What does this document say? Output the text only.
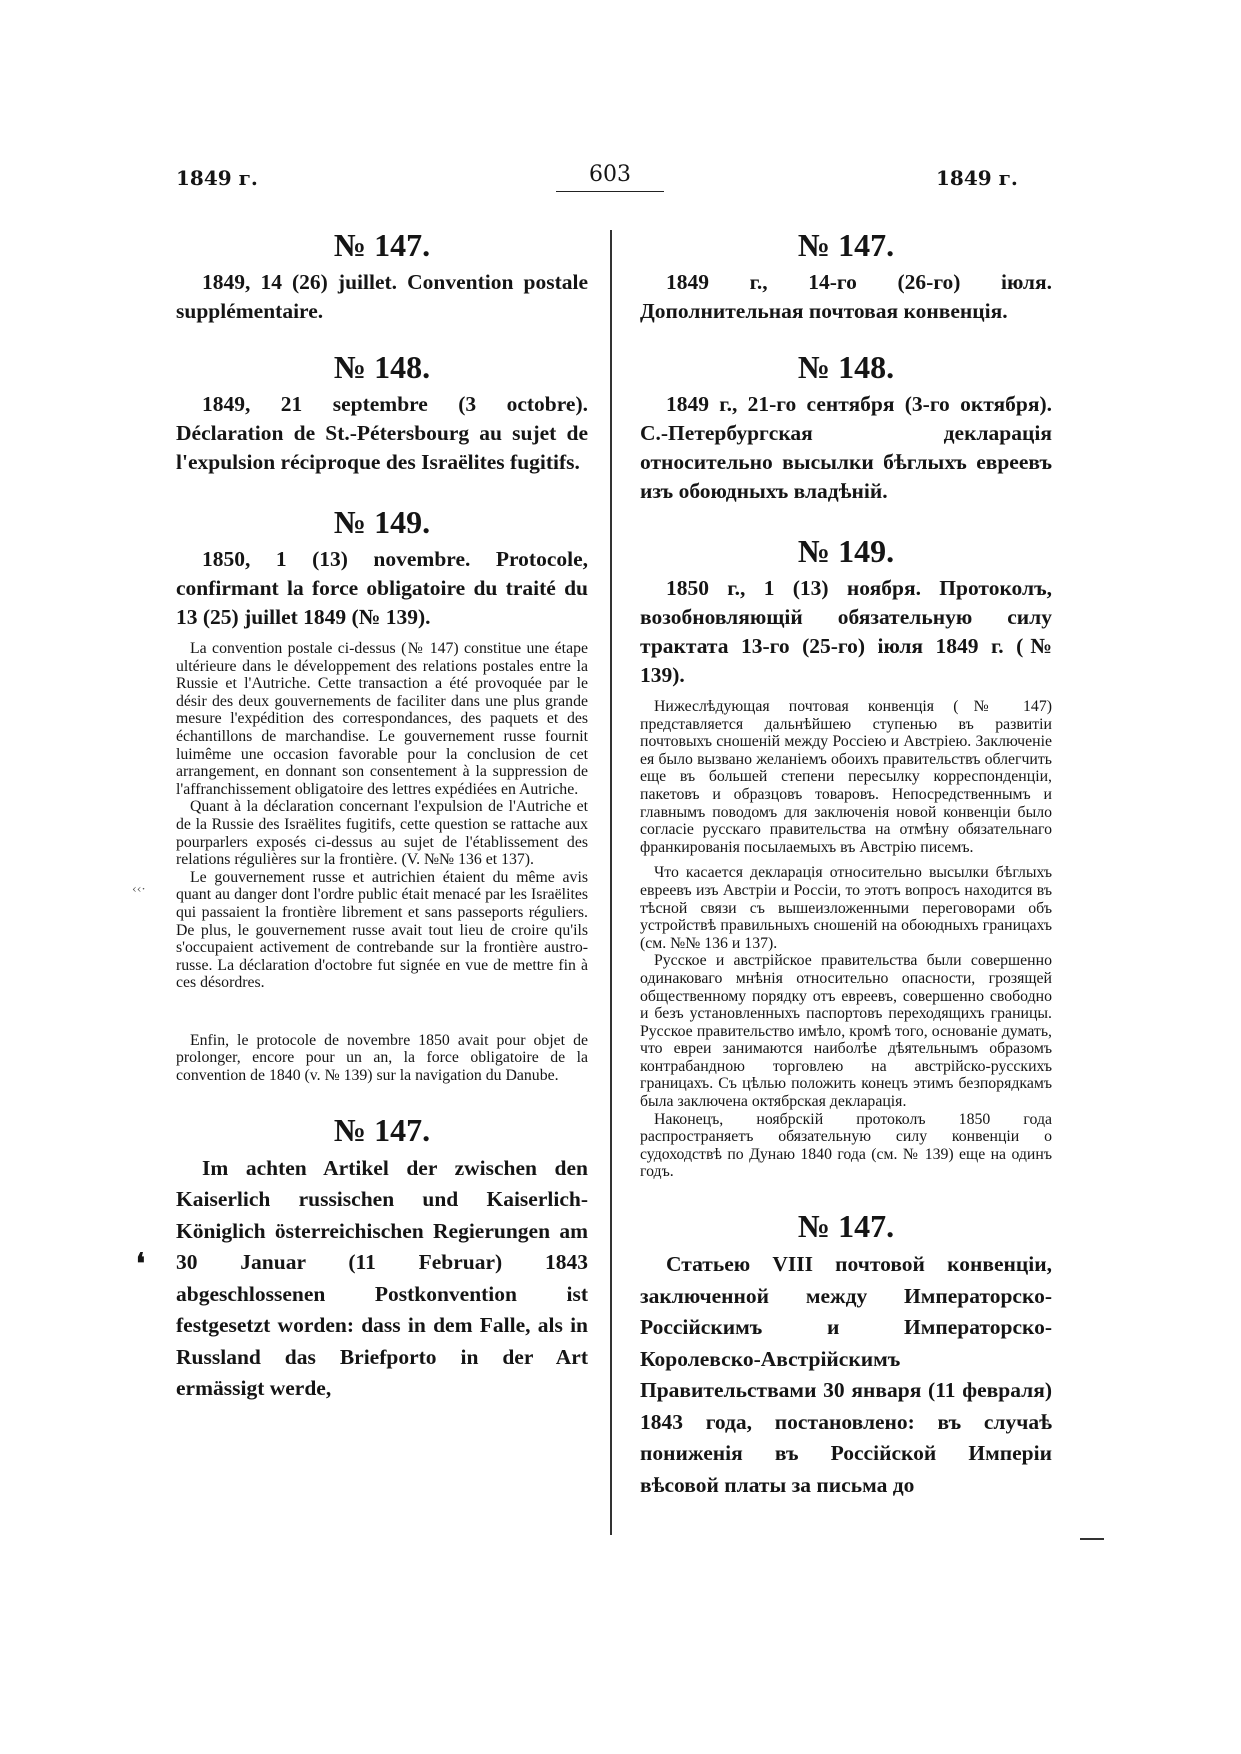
1849 г.	603	1849 г.
❛
‹‹·
№ 147.

1849, 14 (26) juillet. Convention postale supplémentaire.

№ 148.

1849, 21 septembre (3 octobre). Déclaration de St.-Pétersbourg au sujet de l'expulsion réciproque des Israëlites fugitifs.

№ 149.

1850, 1 (13) novembre. Protocole, confirmant la force obligatoire du traité du 13 (25) juillet 1849 (№ 139).

La convention postale ci-dessus (№ 147) constitue une étape ultérieure dans le développement des relations postales entre la Russie et l'Autriche. Cette transaction a été provoquée par le désir des deux gouvernements de faciliter dans une plus grande mesure l'expédition des correspondances, des paquets et des échantillons de marchandise. Le gouvernement russe fournit luimême une occasion favorable pour la conclusion de cet arrangement, en donnant son consentement à la suppression de l'affranchissement obligatoire des lettres expédiées en Autriche.

Quant à la déclaration concernant l'expulsion de l'Autriche et de la Russie des Israëlites fugitifs, cette question se rattache aux pourparlers exposés ci-dessus au sujet de l'établissement des relations régulières sur la frontière. (V. №№ 136 et 137).

Le gouvernement russe et autrichien étaient du même avis quant au danger dont l'ordre public était menacé par les Israëlites qui passaient la frontière librement et sans passeports réguliers. De plus, le gouvernement russe avait tout lieu de croire qu'ils s'occupaient activement de contrebande sur la frontière austro-russe. La déclaration d'octobre fut signée en vue de mettre fin à ces désordres.

Enfin, le protocole de novembre 1850 avait pour objet de prolonger, encore pour un an, la force obligatoire de la convention de 1840 (v. № 139) sur la navigation du Danube.

№ 147.

Im achten Artikel der zwischen den Kaiserlich russischen und Kaiserlich-Königlich österreichischen Regierungen am 30 Januar (11 Februar) 1843 abgeschlossenen Postkonvention ist festgesetzt worden: dass in dem Falle, als in Russland das Briefporto in der Art ermässigt werde,

№ 147.

1849 г., 14-го (26-го) іюля. Дополнительная почтовая конвенція.

№ 148.

1849 г., 21-го сентября (3-го октября). С.-Петербургская декларація относительно высылки бѣглыхъ евреевъ изъ обоюдныхъ владѣній.

№ 149.

1850 г., 1 (13) ноября. Протоколъ, возобновляющій обязательную силу трактата 13-го (25-го) іюля 1849 г. (№ 139).

Нижеслѣдующая почтовая конвенція (№ 147) представляется дальнѣйшею ступенью въ развитіи почтовыхъ сношеній между Россіею и Австріею. Заключеніе ея было вызвано желаніемъ обоихъ правительствъ облегчить еще въ большей степени пересылку корреспонденціи, пакетовъ и образцовъ товаровъ. Непосредственнымъ и главнымъ поводомъ для заключенія новой конвенціи было согласіе русскаго правительства на отмѣну обязательнаго франкированія посылаемыхъ въ Австрію писемъ.

Что касается декларація относительно высылки бѣглыхъ евреевъ изъ Австріи и Россіи, то этотъ вопросъ находится въ тѣсной связи съ вышеизложенными переговорами объ устройствѣ правильныхъ сношеній на обоюдныхъ границахъ (см. №№ 136 и 137).

Русское и австрійское правительства были совершенно одинаковаго мнѣнія относительно опасности, грозящей общественному порядку отъ евреевъ, совершенно свободно и безъ установленныхъ паспортовъ переходящихъ границы. Русское правительство имѣло, кромѣ того, основаніе думать, что евреи занимаются наиболѣе дѣятельнымъ образомъ контрабандною торговлею на австрійско-русскихъ границахъ. Съ цѣлью положить конецъ этимъ безпорядкамъ была заключена октябрская декларація.

Наконецъ, ноябрскій протоколъ 1850 года распространяетъ обязательную силу конвенціи о судоходствѣ по Дунаю 1840 года (см. № 139) еще на одинъ годъ.

№ 147.

Статьею VIII почтовой конвенціи, заключенной между Императорско-Россійскимъ и Императорско-Королевско-Австрійскимъ Правительствами 30 января (11 февраля) 1843 года, постановлено: въ случаѣ пониженія въ Россійской Имперіи вѣсовой платы за письма до
